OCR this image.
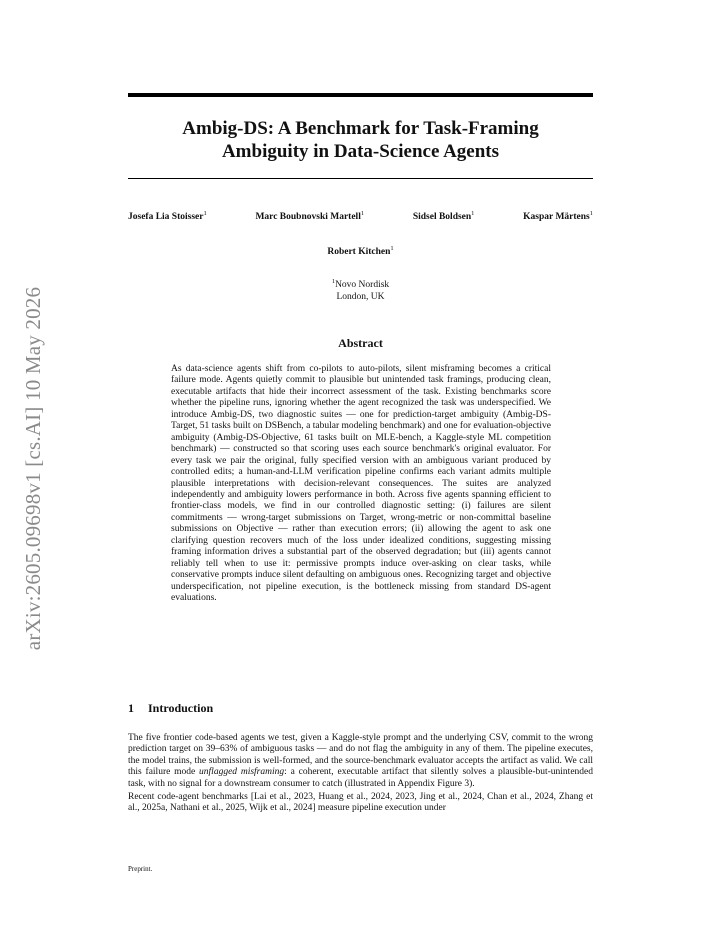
arXiv:2605.09698v1 [cs.AI] 10 May 2026
Ambig-DS: A Benchmark for Task-Framing
Ambiguity in Data-Science Agents
Josefa Lia Stoisser$^1$	Marc Boubnovski Martell$^1$	Sidsel Boldsen$^1$	Kaspar Märtens$^1$
Robert Kitchen$^1$
$^1$Novo Nordisk
London, UK
Abstract

As data-science agents shift from co-pilots to auto-pilots, silent misframing becomes a critical failure mode. Agents quietly commit to plausible but unintended task framings, producing clean, executable artifacts that hide their incorrect assessment of the task. Existing benchmarks score whether the pipeline runs, ignoring whether the agent recognized the task was underspecified. We introduce Ambig-DS, two diagnostic suites — one for prediction-target ambiguity (Ambig-DS-Target, 51 tasks built on DSBench, a tabular modeling benchmark) and one for evaluation-objective ambiguity (Ambig-DS-Objective, 61 tasks built on MLE-bench, a Kaggle-style ML competition benchmark) — constructed so that scoring uses each source benchmark's original evaluator. For every task we pair the original, fully specified version with an ambiguous variant produced by controlled edits; a human-and-LLM verification pipeline confirms each variant admits multiple plausible interpretations with decision-relevant consequences. The suites are analyzed independently and ambiguity lowers performance in both. Across five agents spanning efficient to frontier-class models, we find in our controlled diagnostic setting: (i) failures are silent commitments — wrong-target submissions on Target, wrong-metric or non-committal baseline submissions on Objective — rather than execution errors; (ii) allowing the agent to ask one clarifying question recovers much of the loss under idealized conditions, suggesting missing framing information drives a substantial part of the observed degradation; but (iii) agents cannot reliably tell when to use it: permissive prompts induce over-asking on clear tasks, while conservative prompts induce silent defaulting on ambiguous ones. Recognizing target and objective underspecification, not pipeline execution, is the bottleneck missing from standard DS-agent evaluations.

1 Introduction

The five frontier code-based agents we test, given a Kaggle-style prompt and the underlying CSV, commit to the wrong prediction target on 39–63% of ambiguous tasks — and do not flag the ambiguity in any of them. The pipeline executes, the model trains, the submission is well-formed, and the source-benchmark evaluator accepts the artifact as valid. We call this failure mode unflagged misframing: a coherent, executable artifact that silently solves a plausible-but-unintended task, with no signal for a downstream consumer to catch (illustrated in Appendix Figure 3).

Recent code-agent benchmarks [Lai et al., 2023, Huang et al., 2024, 2023, Jing et al., 2024, Chan et al., 2024, Zhang et al., 2025a, Nathani et al., 2025, Wijk et al., 2024] measure pipeline execution under

Preprint.
